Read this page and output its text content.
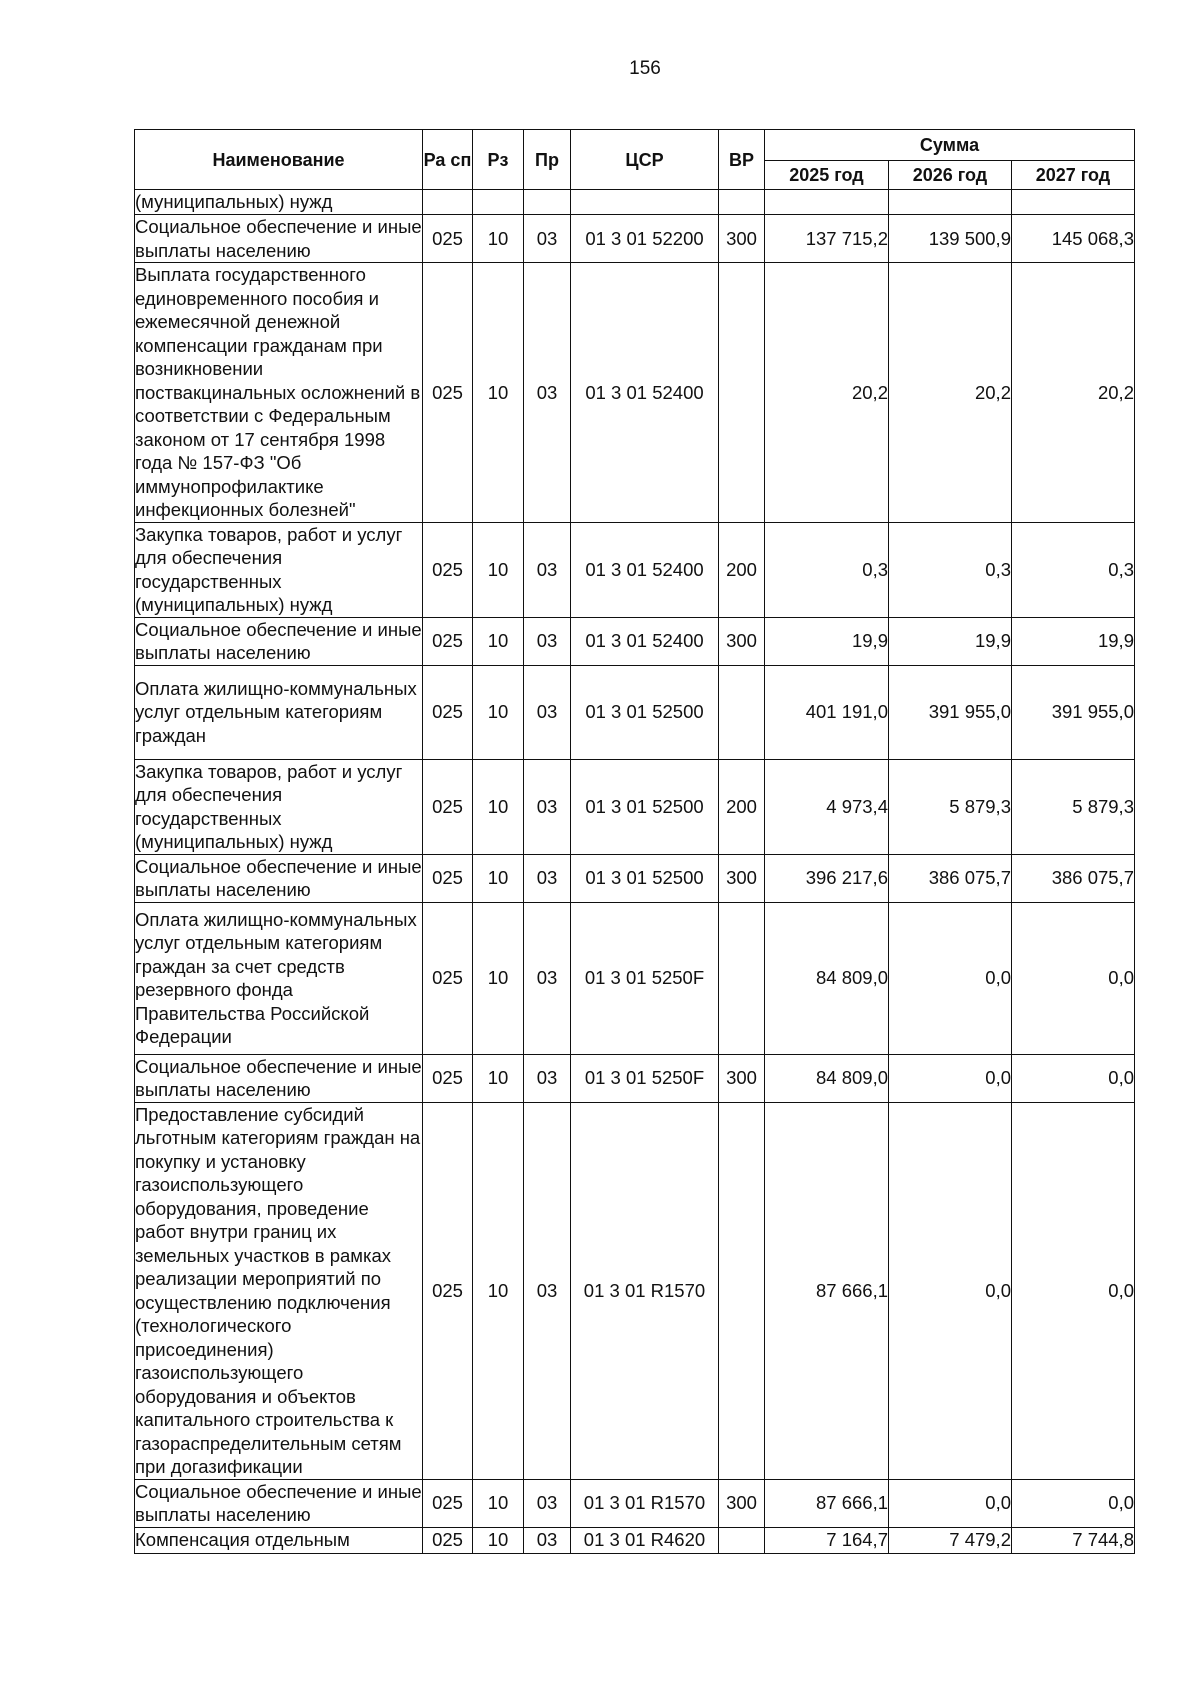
156
Наименование	Ра сп	Рз	Пр	ЦСР	ВР	Сумма		
						2025 год	2026 год	2027 год
(муниципальных) нужд								
Социальное обеспечение и иные выплаты населению	025	10	03	01 3 01 52200	300	137 715,2	139 500,9	145 068,3
Выплата государственного единовременного пособия и ежемесячной денежной компенсации гражданам при возникновении поствакцинальных осложнений в соответствии с Федеральным законом от 17 сентября 1998 года № 157-ФЗ "Об иммунопрофилактике инфекционных болезней"	025	10	03	01 3 01 52400		20,2	20,2	20,2
Закупка товаров, работ и услуг для обеспечения государственных (муниципальных) нужд	025	10	03	01 3 01 52400	200	0,3	0,3	0,3
Социальное обеспечение и иные выплаты населению	025	10	03	01 3 01 52400	300	19,9	19,9	19,9
Оплата жилищно-коммунальных услуг отдельным категориям граждан	025	10	03	01 3 01 52500		401 191,0	391 955,0	391 955,0
Закупка товаров, работ и услуг для обеспечения государственных (муниципальных) нужд	025	10	03	01 3 01 52500	200	4 973,4	5 879,3	5 879,3
Социальное обеспечение и иные выплаты населению	025	10	03	01 3 01 52500	300	396 217,6	386 075,7	386 075,7
Оплата жилищно-коммунальных услуг отдельным категориям граждан за счет средств резервного фонда Правительства Российской Федерации	025	10	03	01 3 01 5250F		84 809,0	0,0	0,0
Социальное обеспечение и иные выплаты населению	025	10	03	01 3 01 5250F	300	84 809,0	0,0	0,0
Предоставление субсидий льготным категориям граждан на покупку и установку газоиспользующего оборудования, проведение работ внутри границ их земельных участков в рамках реализации мероприятий по осуществлению подключения (технологического присоединения) газоиспользующего оборудования и объектов капитального строительства к газораспределительным сетям при догазификации	025	10	03	01 3 01 R1570		87 666,1	0,0	0,0
Социальное обеспечение и иные выплаты населению	025	10	03	01 3 01 R1570	300	87 666,1	0,0	0,0
Компенсация отдельным	025	10	03	01 3 01 R4620		7 164,7	7 479,2	7 744,8
